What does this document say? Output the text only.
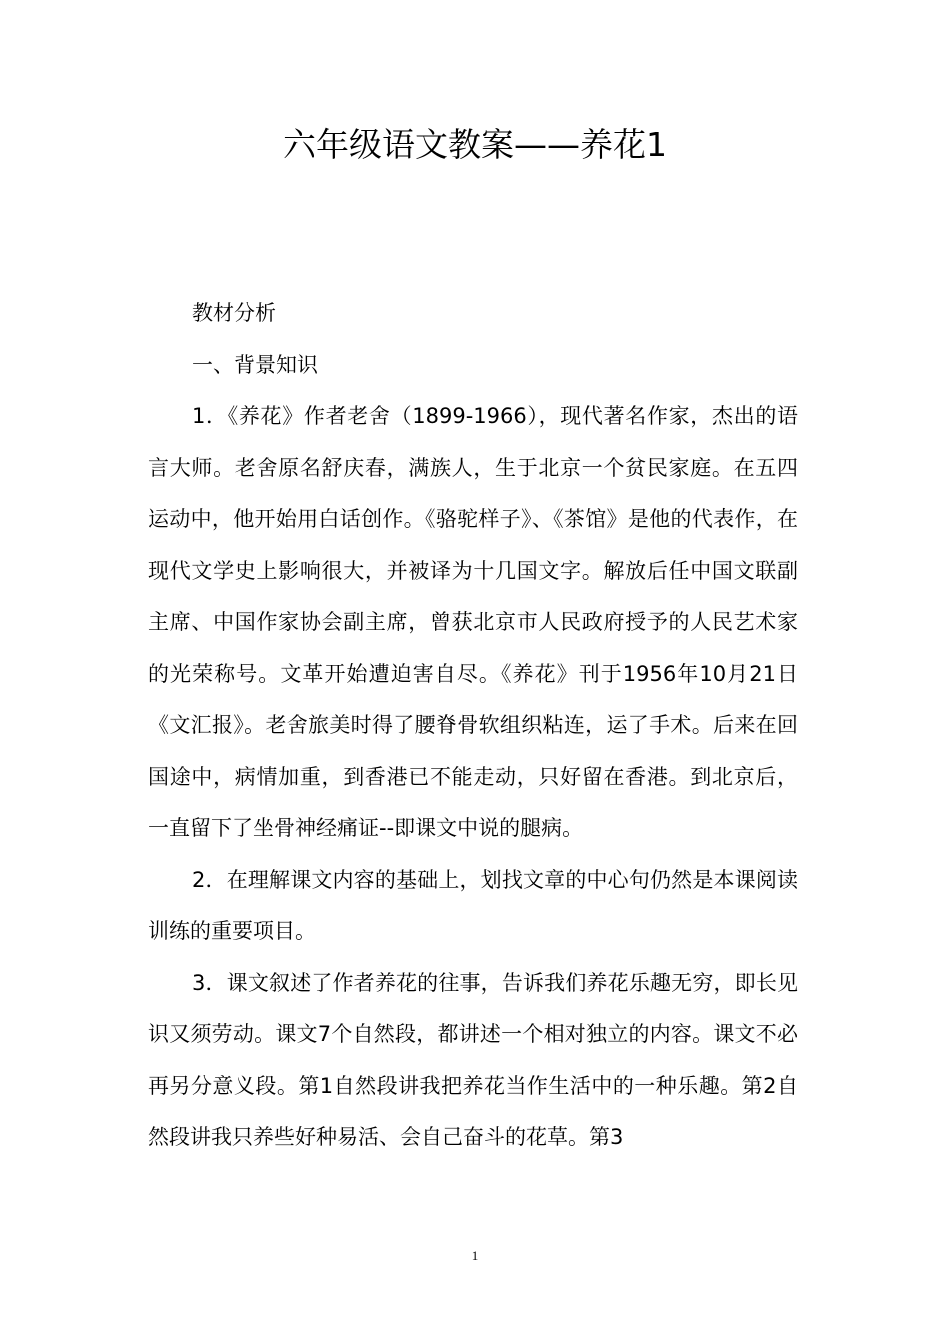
六年级语文教案——养花1

教材分析

一、背景知识

1．《养花》作者老舍（1899-1966），现代著名作家，杰出的语言大师。老舍原名舒庆春，满族人，生于北京一个贫民家庭。在五四运动中，他开始用白话创作。《骆驼样子》、《茶馆》是他的代表作，在现代文学史上影响很大，并被译为十几国文字。解放后任中国文联副主席、中国作家协会副主席，曾获北京市人民政府授予的人民艺术家的光荣称号。文革开始遭迫害自尽。《养花》刊于1956年10月21日《文汇报》。老舍旅美时得了腰脊骨软组织粘连，运了手术。后来在回国途中，病情加重，到香港已不能走动，只好留在香港。到北京后，一直留下了坐骨神经痛证--即课文中说的腿病。

2．在理解课文内容的基础上，划找文章的中心句仍然是本课阅读训练的重要项目。

3．课文叙述了作者养花的往事，告诉我们养花乐趣无穷，即长见识又须劳动。课文7个自然段，都讲述一个相对独立的内容。课文不必再另分意义段。第1自然段讲我把养花当作生活中的一种乐趣。第2自然段讲我只养些好种易活、会自己奋斗的花草。第3

1
